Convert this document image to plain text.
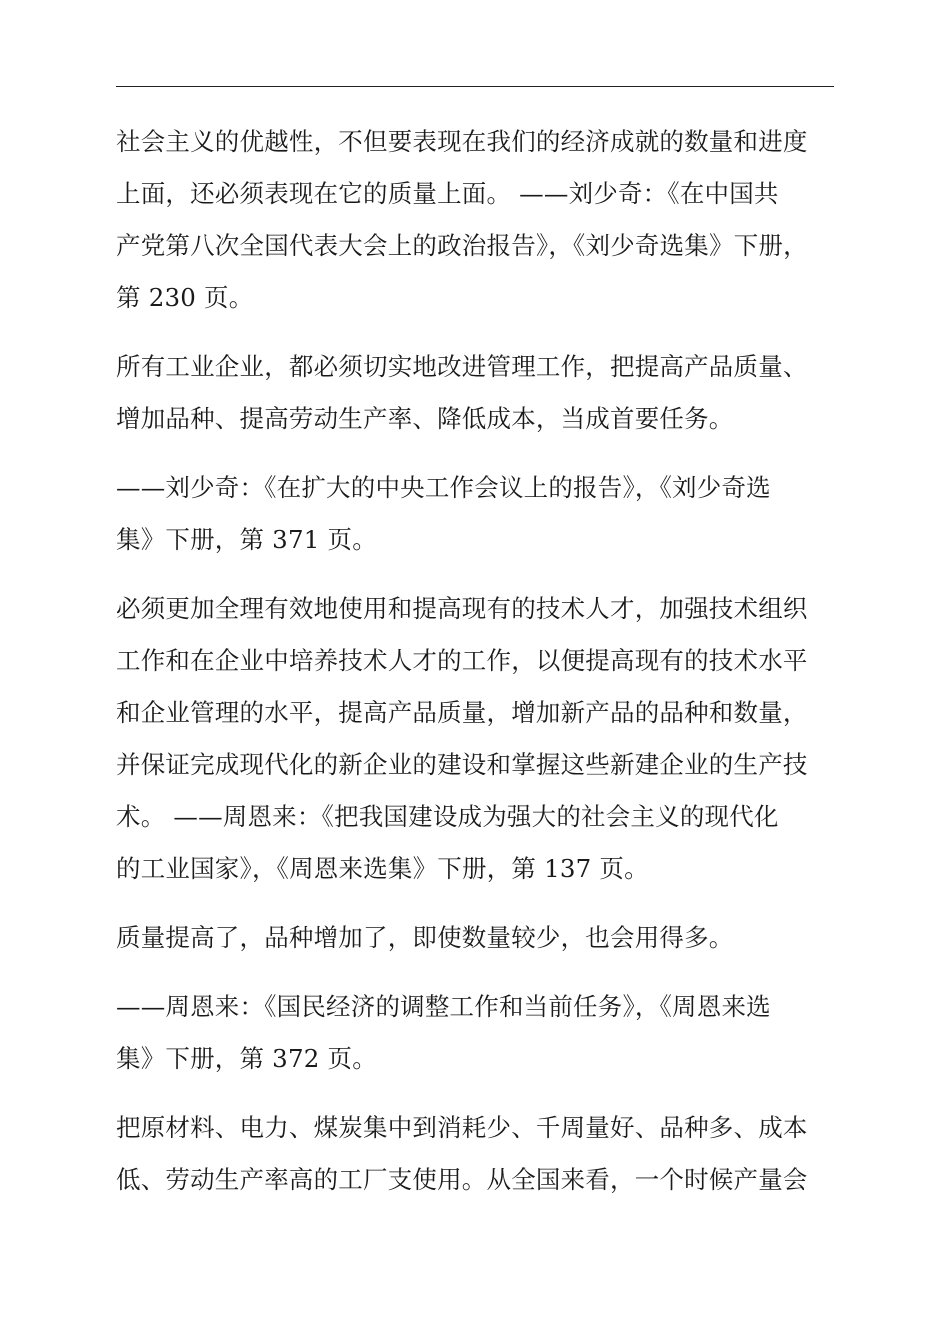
社会主义的优越性，不但要表现在我们的经济成就的数量和进度
上面，还必须表现在它的质量上面。 ——刘少奇：《在中国共
产党第八次全国代表大会上的政治报告》，《刘少奇选集》下册，
第 230 页。

所有工业企业，都必须切实地改进管理工作，把提高产品质量、
增加品种、提高劳动生产率、降低成本，当成首要任务。

——刘少奇：《在扩大的中央工作会议上的报告》，《刘少奇选
集》下册，第 371 页。

必须更加全理有效地使用和提高现有的技术人才，加强技术组织
工作和在企业中培养技术人才的工作，以便提高现有的技术水平
和企业管理的水平，提高产品质量，增加新产品的品种和数量，
并保证完成现代化的新企业的建设和掌握这些新建企业的生产技
术。 ——周恩来：《把我国建设成为强大的社会主义的现代化
的工业国家》，《周恩来选集》下册，第 137 页。

质量提高了，品种增加了，即使数量较少，也会用得多。

——周恩来：《国民经济的调整工作和当前任务》，《周恩来选
集》下册，第 372 页。

把原材料、电力、煤炭集中到消耗少、千周量好、品种多、成本
低、劳动生产率高的工厂支使用。从全国来看，一个时候产量会
